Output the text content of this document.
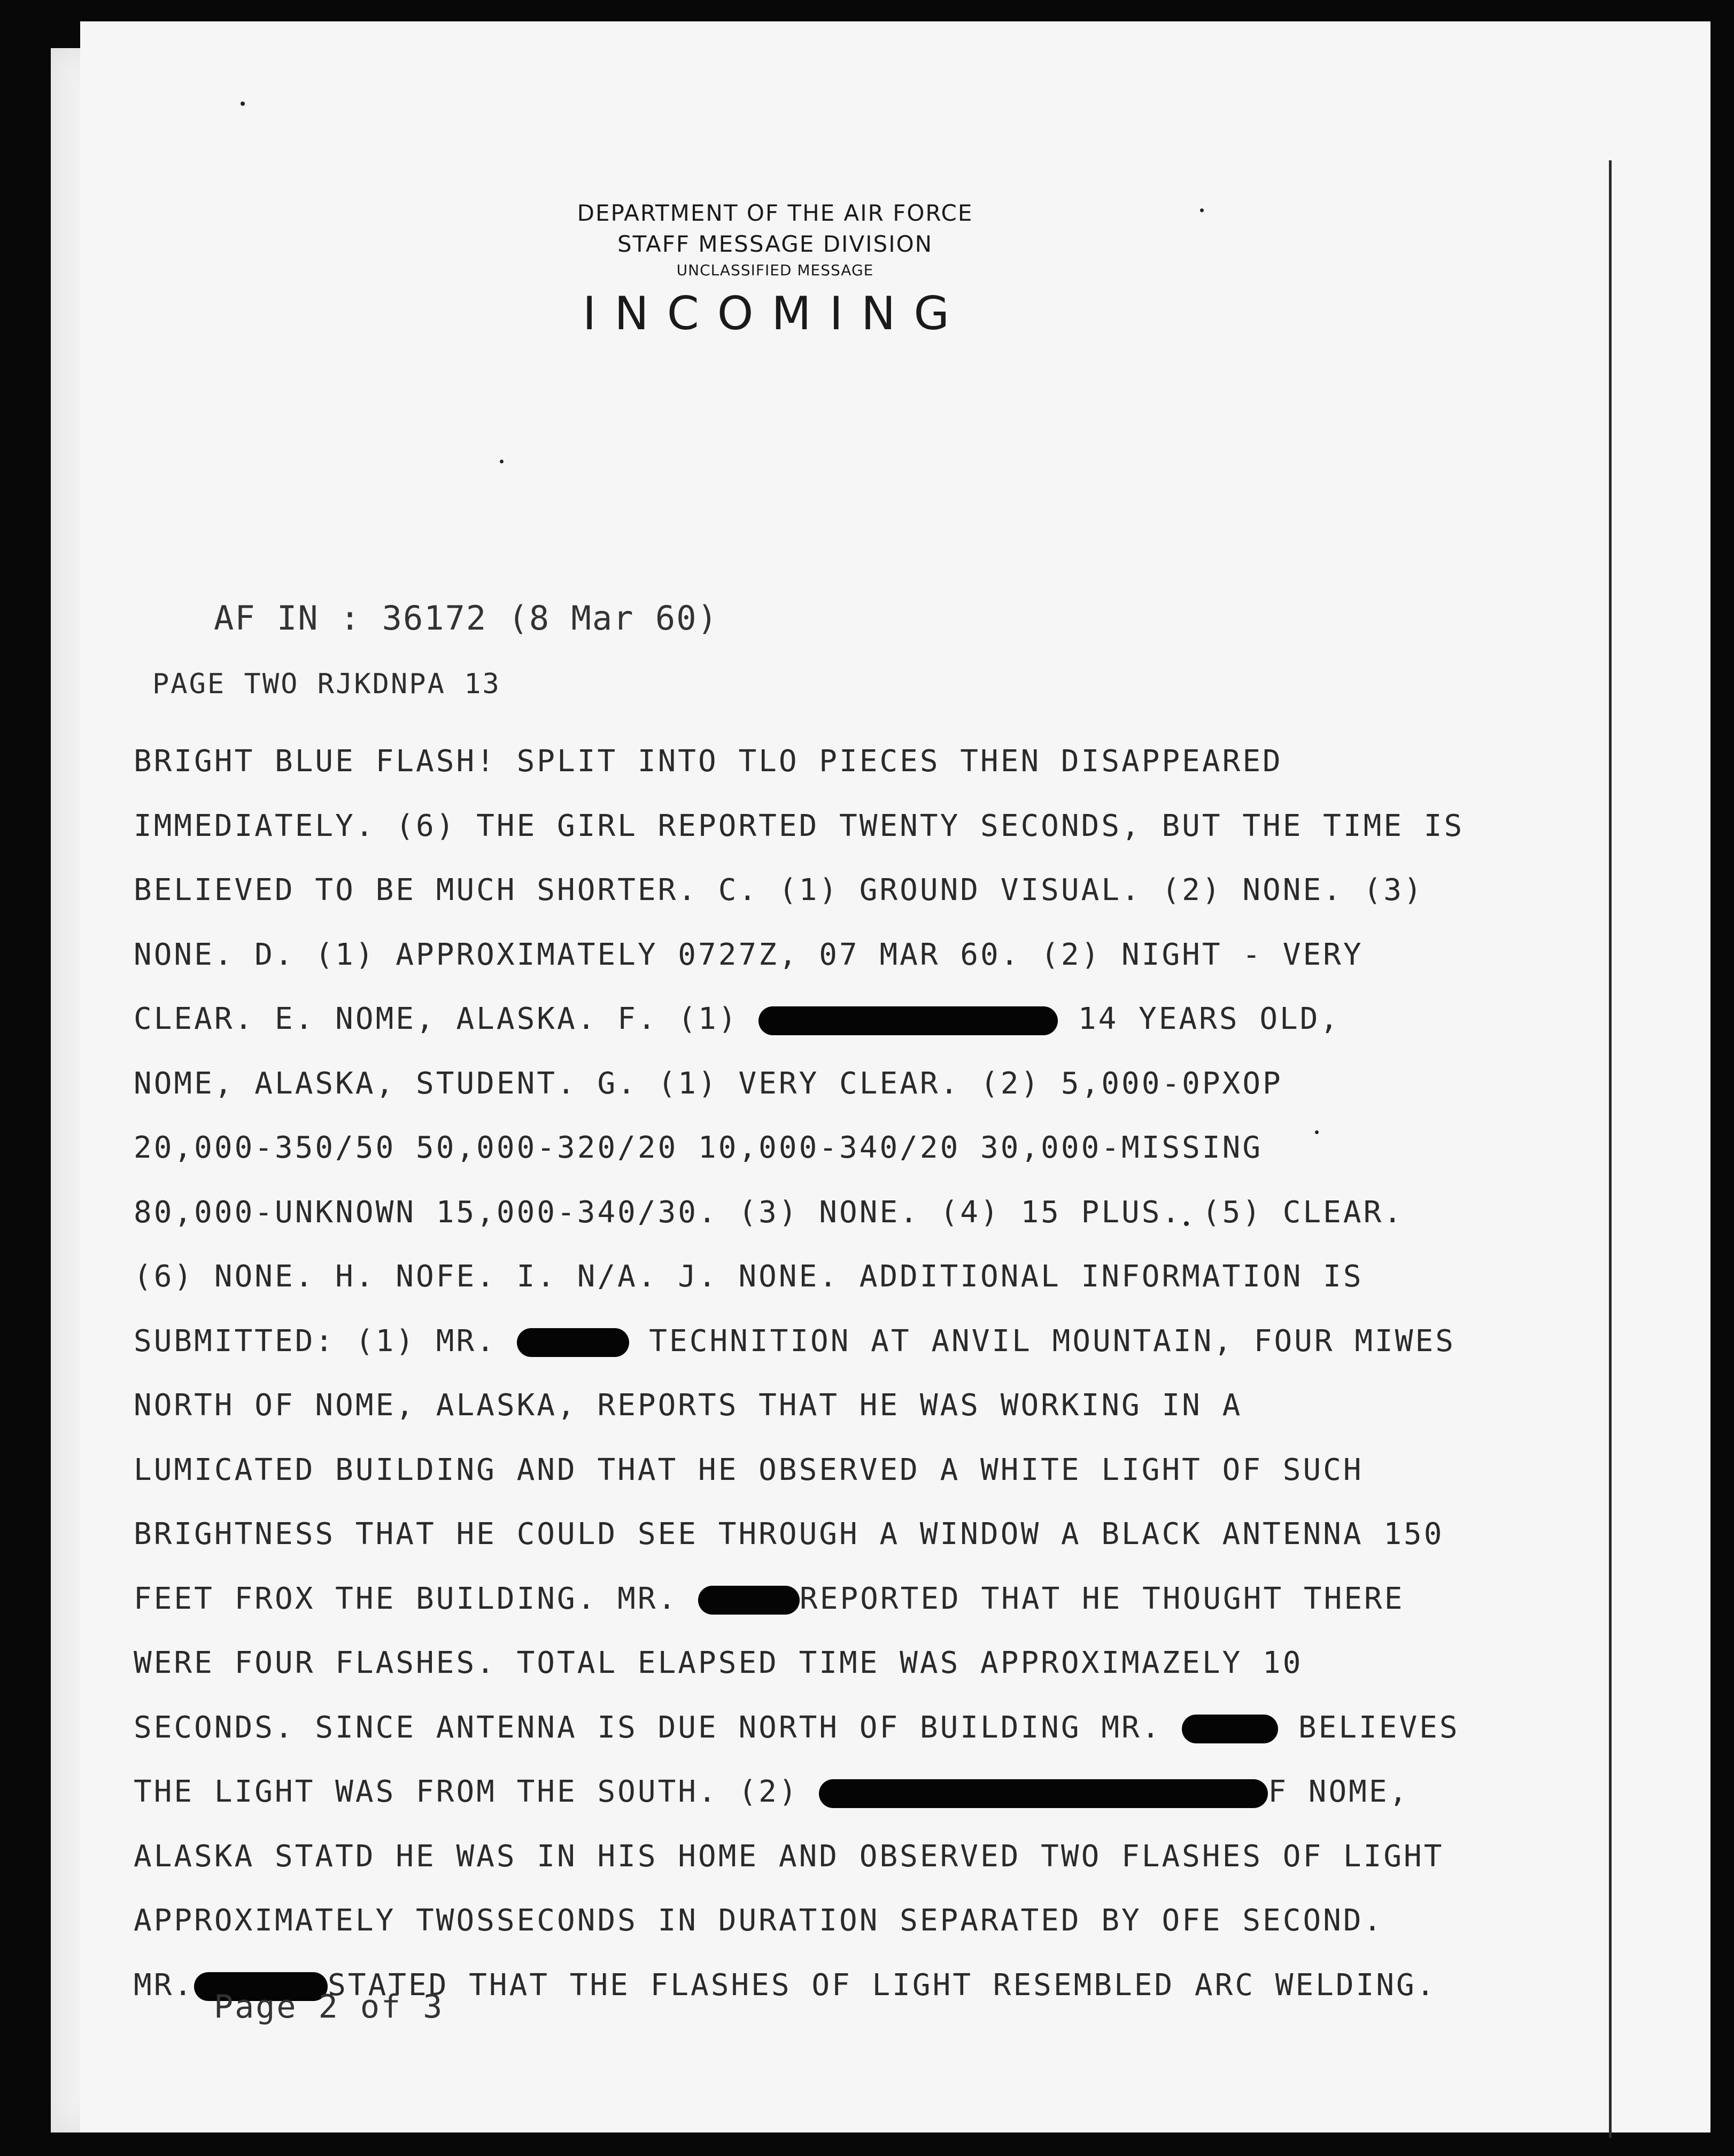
DEPARTMENT OF THE AIR FORCE
STAFF MESSAGE DIVISION
UNCLASSIFIED MESSAGE
INCOMING
AF IN : 36172 (8 Mar 60)
PAGE TWO RJKDNPA 13
BRIGHT BLUE FLASH! SPLIT INTO TLO PIECES THEN DISAPPEARED
IMMEDIATELY. (6) THE GIRL REPORTED TWENTY SECONDS, BUT THE TIME IS
BELIEVED TO BE MUCH SHORTER. C. (1) GROUND VISUAL. (2) NONE. (3)
NONE. D. (1) APPROXIMATELY 0727Z, 07 MAR 60. (2) NIGHT - VERY
CLEAR. E. NOME, ALASKA. F. (1)	14 YEARS OLD,
NOME, ALASKA, STUDENT. G. (1) VERY CLEAR. (2) 5,000-0PXOP
20,000-350/50 50,000-320/20 10,000-340/20 30,000-MISSING
80,000-UNKNOWN 15,000-340/30. (3) NONE. (4) 15 PLUS. (5) CLEAR.
(6) NONE. H. NOFE. I. N/A. J. NONE. ADDITIONAL INFORMATION IS
SUBMITTED: (1) MR.	TECHNITION AT ANVIL MOUNTAIN, FOUR MIWES
NORTH OF NOME, ALASKA, REPORTS THAT HE WAS WORKING IN A
LUMICATED BUILDING AND THAT HE OBSERVED A WHITE LIGHT OF SUCH
BRIGHTNESS THAT HE COULD SEE THROUGH A WINDOW A BLACK ANTENNA 150
FEET FROX THE BUILDING. MR.	REPORTED THAT HE THOUGHT THERE
WERE FOUR FLASHES. TOTAL ELAPSED TIME WAS APPROXIMAZELY 10
SECONDS. SINCE ANTENNA IS DUE NORTH OF BUILDING MR.	BELIEVES
THE LIGHT WAS FROM THE SOUTH. (2)	F NOME,
ALASKA STATD HE WAS IN HIS HOME AND OBSERVED TWO FLASHES OF LIGHT
APPROXIMATELY TWOSSECONDS IN DURATION SEPARATED BY OFE SECOND.
MR.	STATED THAT THE FLASHES OF LIGHT RESEMBLED ARC WELDING.
Page 2 of 3
